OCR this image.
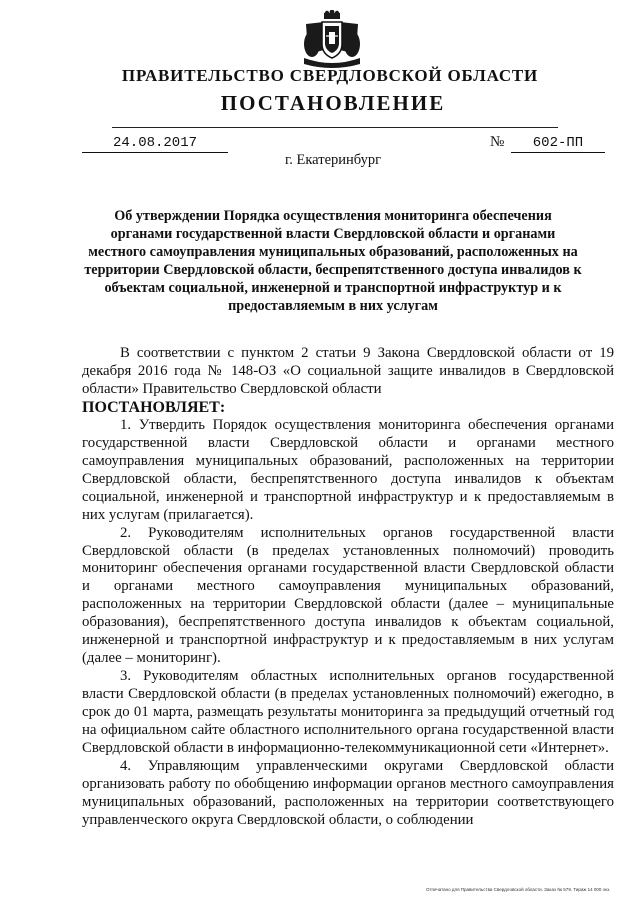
ПРАВИТЕЛЬСТВО СВЕРДЛОВСКОЙ ОБЛАСТИ
ПОСТАНОВЛЕНИЕ
24.08.2017	№	602-ПП
г. Екатеринбург
Об утверждении Порядка осуществления мониторинга обеспечения органами государственной власти Свердловской области и органами местного самоуправления муниципальных образований, расположенных на территории Свердловской области, беспрепятственного доступа инвалидов к объектам социальной, инженерной и транспортной инфраструктур и к предоставляемым в них услугам

В соответствии с пунктом 2 статьи 9 Закона Свердловской области от 19 декабря 2016 года № 148-ОЗ «О социальной защите инвалидов в Свердловской области» Правительство Свердловской области

ПОСТАНОВЛЯЕТ:

1. Утвердить Порядок осуществления мониторинга обеспечения органами государственной власти Свердловской области и органами местного самоуправления муниципальных образований, расположенных на территории Свердловской области, беспрепятственного доступа инвалидов к объектам социальной, инженерной и транспортной инфраструктур и к предоставляемым в них услугам (прилагается).

2. Руководителям исполнительных органов государственной власти Свердловской области (в пределах установленных полномочий) проводить мониторинг обеспечения органами государственной власти Свердловской области и органами местного самоуправления муниципальных образований, расположенных на территории Свердловской области (далее – муниципальные образования), беспрепятственного доступа инвалидов к объектам социальной, инженерной и транспортной инфраструктур и к предоставляемым в них услугам (далее – мониторинг).

3. Руководителям областных исполнительных органов государственной власти Свердловской области (в пределах установленных полномочий) ежегодно, в срок до 01 марта, размещать результаты мониторинга за предыдущий отчетный год на официальном сайте областного исполнительного органа государственной власти Свердловской области в информационно-телекоммуникационной сети «Интернет».

4. Управляющим управленческими округами Свердловской области организовать работу по обобщению информации органов местного самоуправления муниципальных образований, расположенных на территории соответствующего управленческого округа Свердловской области, о соблюдении

Отпечатано для Правительства Свердловской области. Заказ № 579. Тираж 14 000 экз.
